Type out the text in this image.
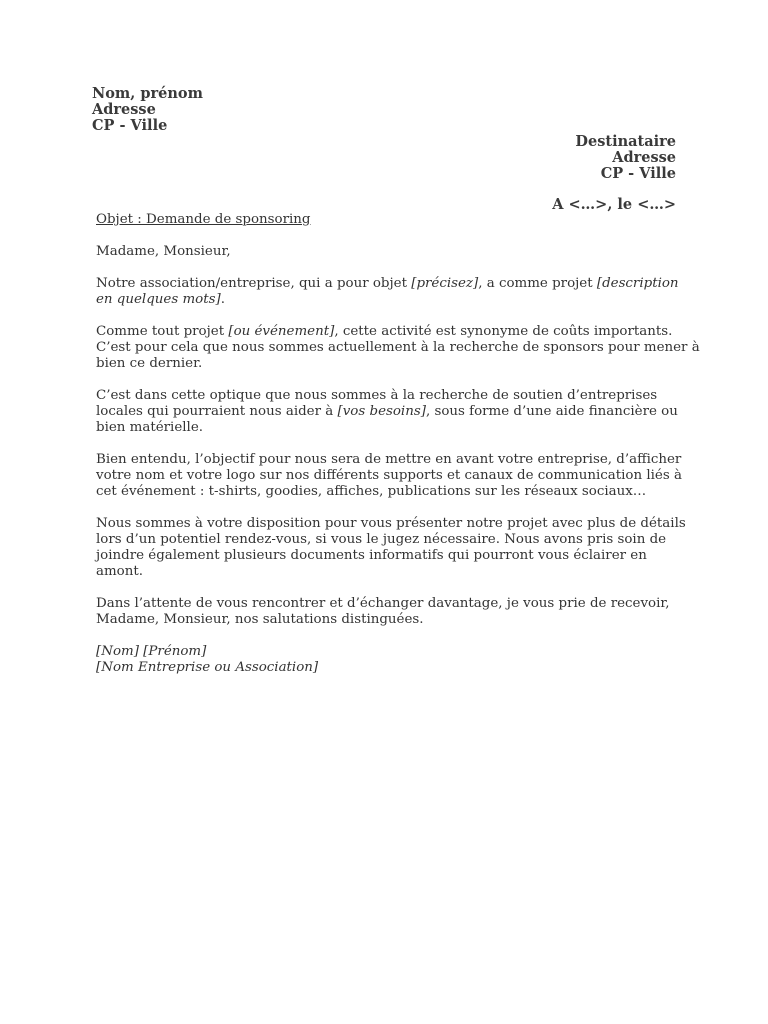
Nom, prénom
Adresse
CP - Ville
Destinataire
Adresse
CP - Ville
A <…>, le <…>
Objet : Demande de sponsoring
Madame, Monsieur,
Notre association/entreprise, qui a pour objet [précisez], a comme projet [description
en quelques mots].
Comme tout projet [ou événement], cette activité est synonyme de coûts importants.
C’est pour cela que nous sommes actuellement à la recherche de sponsors pour mener à
bien ce dernier.
C’est dans cette optique que nous sommes à la recherche de soutien d’entreprises
locales qui pourraient nous aider à [vos besoins], sous forme d’une aide financière ou
bien matérielle.
Bien entendu, l’objectif pour nous sera de mettre en avant votre entreprise, d’afficher
votre nom et votre logo sur nos différents supports et canaux de communication liés à
cet événement : t-shirts, goodies, affiches, publications sur les réseaux sociaux…
Nous sommes à votre disposition pour vous présenter notre projet avec plus de détails
lors d’un potentiel rendez-vous, si vous le jugez nécessaire. Nous avons pris soin de
joindre également plusieurs documents informatifs qui pourront vous éclairer en
amont.
Dans l’attente de vous rencontrer et d’échanger davantage, je vous prie de recevoir,
Madame, Monsieur, nos salutations distinguées.
[Nom] [Prénom]
[Nom Entreprise ou Association]
